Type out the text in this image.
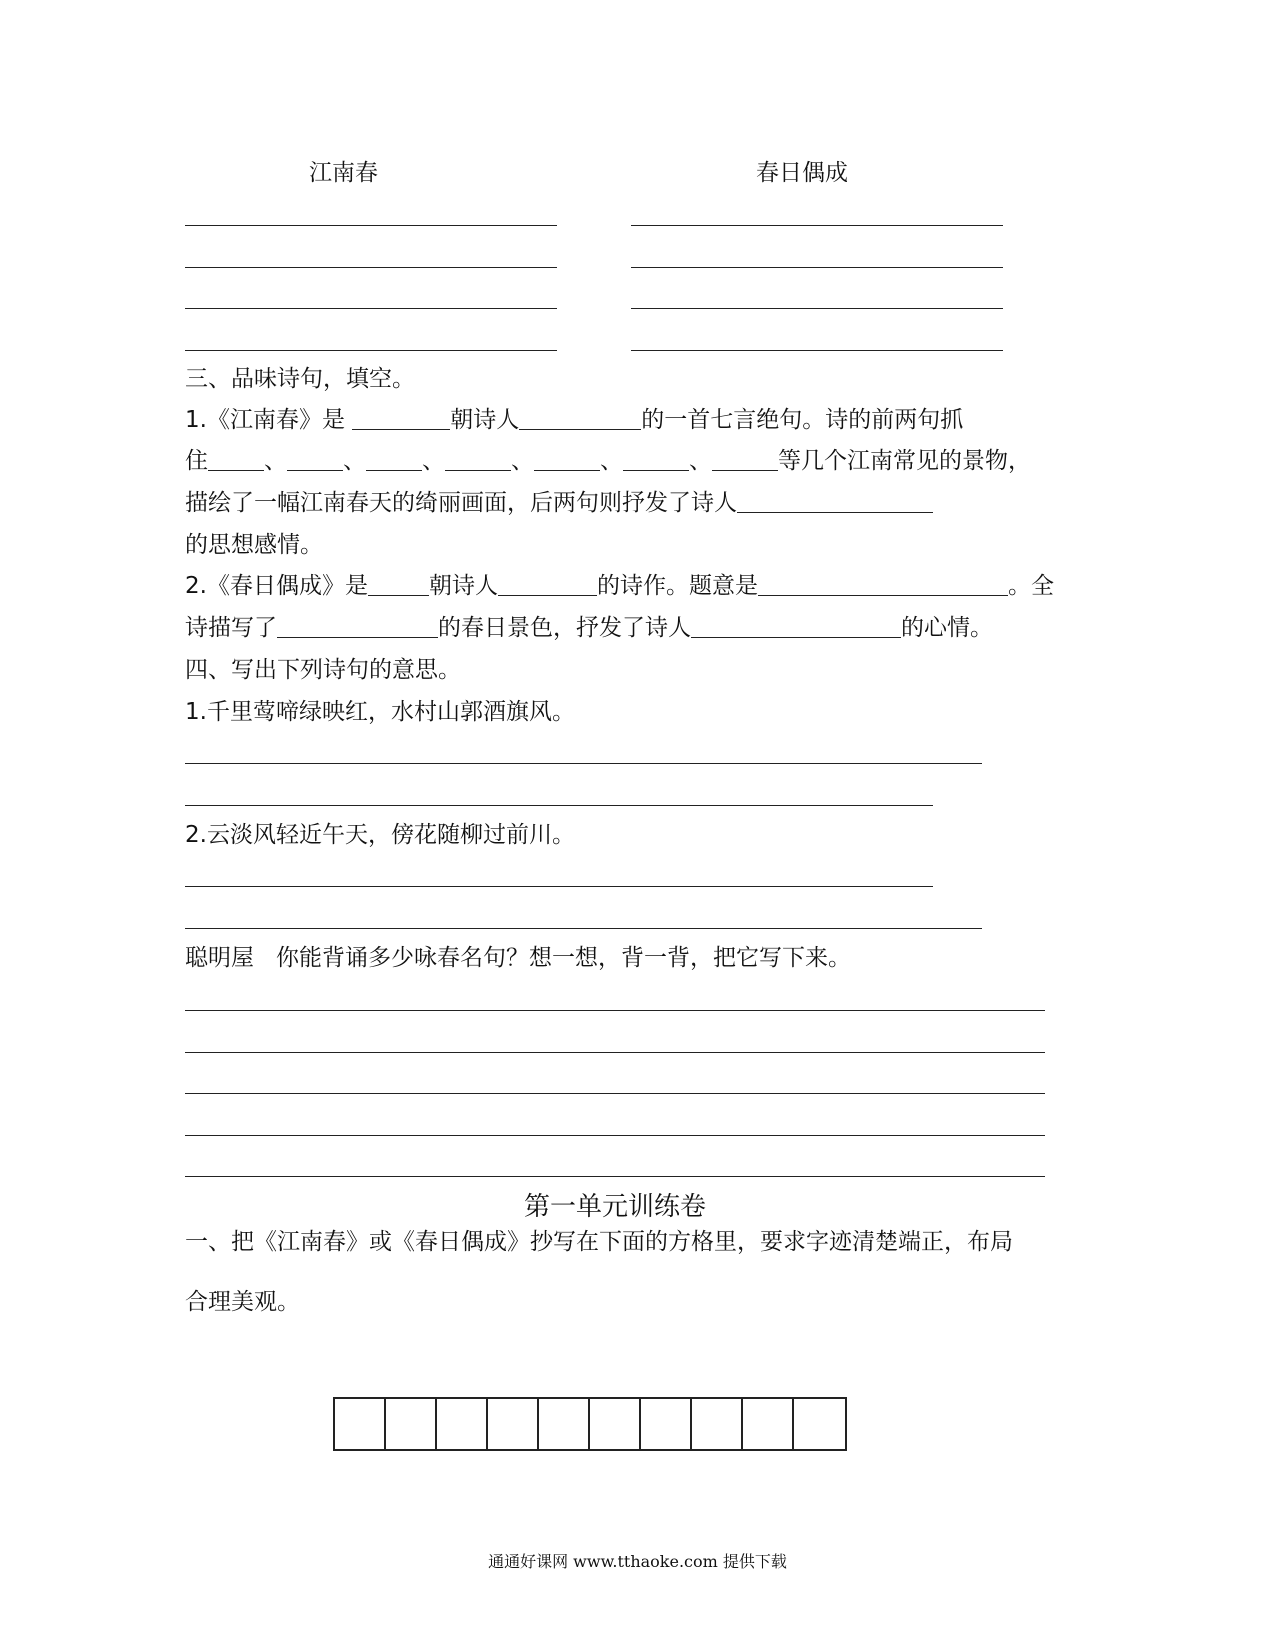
江南春	春日偶成
三、品味诗句，填空。
1.《江南春》是	朝诗人	的一首七言绝句。诗的前两句抓
住 、 、 、	、	、	、	等几个江南常见的景物，
描绘了一幅江南春天的绮丽画面，后两句则抒发了诗人
的思想感情。
2.《春日偶成》是	朝诗人	的诗作。题意是	。全
诗描写了	的春日景色，抒发了诗人	的心情。
四、写出下列诗句的意思。
1.千里莺啼绿映红，水村山郭酒旗风。
2.云淡风轻近午天，傍花随柳过前川。
聪明屋 你能背诵多少咏春名句？想一想，背一背，把它写下来。
第一单元训练卷
一、把《江南春》或《春日偶成》抄写在下面的方格里，要求字迹清楚端正，布局
合理美观。
通通好课网 www.tthaoke.com 提供下载
